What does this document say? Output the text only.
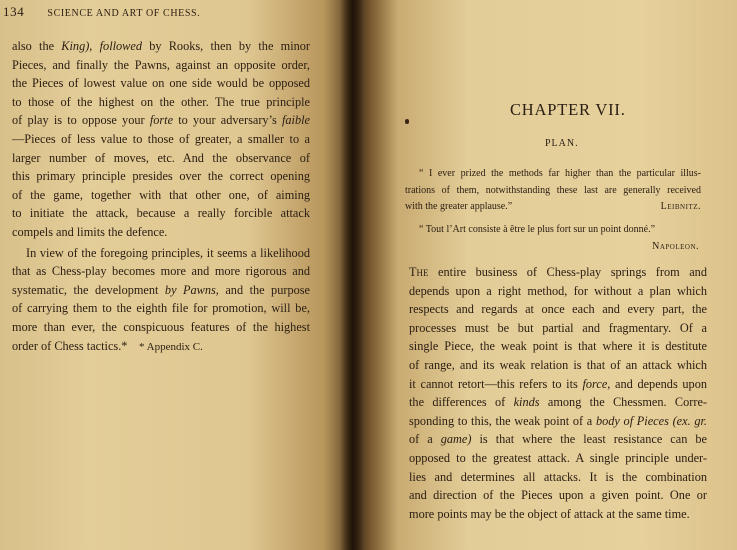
134 SCIENCE AND ART OF CHESS.
also the King), followed by Rooks, then by the minor
Pieces, and finally the Pawns, against an opposite order,
the Pieces of lowest value on one side would be opposed
to those of the highest on the other. The true principle
of play is to oppose your forte to your adversary’s faible
—Pieces of less value to those of greater, a smaller to a
larger number of moves, etc. And the observance of
this primary principle presides over the correct opening
of the game, together with that other one, of aiming
to initiate the attack, because a really forcible attack
compels and limits the defence.
In view of the foregoing principles, it seems a likelihood
that as Chess-play becomes more and more rigorous and
systematic, the development by Pawns, and the purpose
of carrying them to the eighth file for promotion, will be,
more than ever, the conspicuous features of the highest
order of Chess tactics.*	* Appendix C.
CHAPTER VII.
PLAN.
“ I ever prized the methods far higher than the particular illus-
trations of them, notwithstanding these last are generally received
with the greater applause.”	Leibnitz.
“ Tout l’Art consiste à être le plus fort sur un point donné.”
Napoleon.
The entire business of Chess-play springs from and
depends upon a right method, for without a plan which
respects and regards at once each and every part, the
processes must be but partial and fragmentary. Of a
single Piece, the weak point is that where it is destitute
of range, and its weak relation is that of an attack which
it cannot retort—this refers to its force, and depends upon
the differences of kinds among the Chessmen. Corre-
sponding to this, the weak point of a body of Pieces (ex. gr.
of a game) is that where the least resistance can be
opposed to the greatest attack. A single principle under-
lies and determines all attacks. It is the combination
and direction of the Pieces upon a given point. One or
more points may be the object of attack at the same time.
